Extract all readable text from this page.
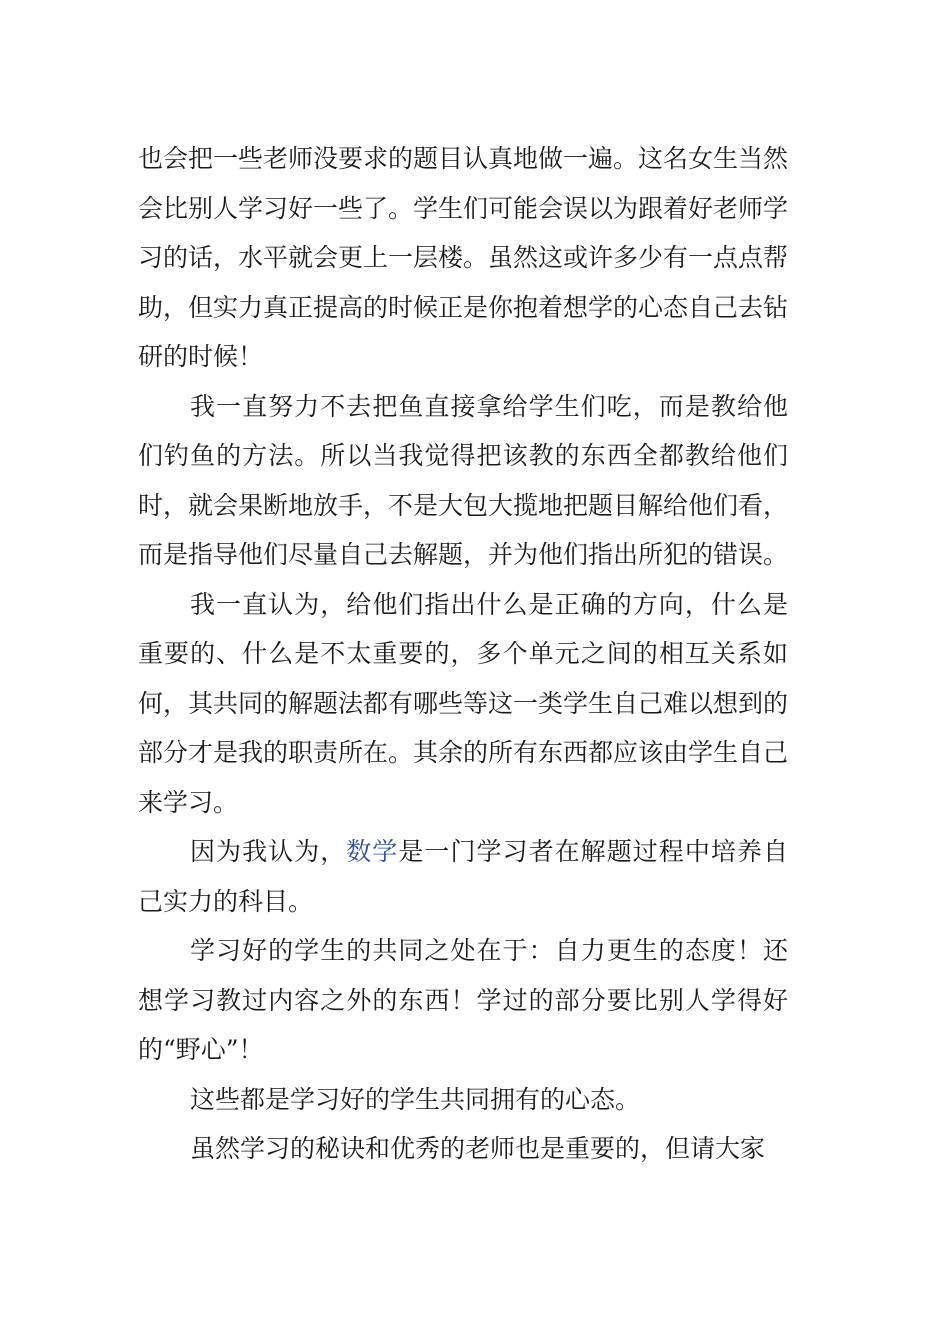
也会把一些老师没要求的题目认真地做一遍。这名女生当然会比别人学习好一些了。学生们可能会误以为跟着好老师学习的话，水平就会更上一层楼。虽然这或许多少有一点点帮助，但实力真正提高的时候正是你抱着想学的心态自己去钻研的时候！

我一直努力不去把鱼直接拿给学生们吃，而是教给他们钓鱼的方法。所以当我觉得把该教的东西全都教给他们时，就会果断地放手，不是大包大揽地把题目解给他们看，而是指导他们尽量自己去解题，并为他们指出所犯的错误。

我一直认为，给他们指出什么是正确的方向，什么是重要的、什么是不太重要的，多个单元之间的相互关系如何，其共同的解题法都有哪些等这一类学生自己难以想到的部分才是我的职责所在。其余的所有东西都应该由学生自己来学习。

因为我认为，数学是一门学习者在解题过程中培养自己实力的科目。

学习好的学生的共同之处在于：自力更生的态度！还想学习教过内容之外的东西！学过的部分要比别人学得好的“野心”！

这些都是学习好的学生共同拥有的心态。

虽然学习的秘诀和优秀的老师也是重要的，但请大家
